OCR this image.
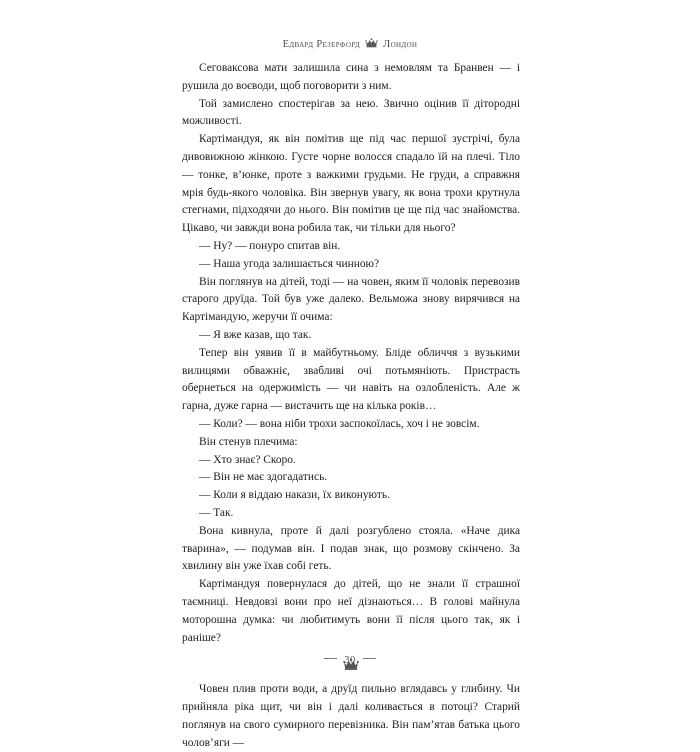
Едвард Резерфорд Лондон

Сеговаксова мати залишила сина з немовлям та Бранвен — і рушила до воєводи, щоб поговорити з ним.

Той замислено спостерігав за нею. Звично оцінив її дітородні можливості.

Картімандуя, як він помітив ще під час першої зустрічі, була дивовижною жінкою. Густе чорне волосся спадало їй на плечі. Тіло — тонке, в’юнке, проте з важкими грудьми. Не груди, а справжня мрія будь-якого чоловіка. Він звернув увагу, як вона трохи крутнула стегнами, підходячи до нього. Він помітив це ще під час знайомства. Цікаво, чи завжди вона робила так, чи тільки для нього?

— Ну? — понуро спитав він.

— Наша угода залишається чинною?

Він поглянув на дітей, тоді — на човен, яким її чоловік перевозив старого друїда. Той був уже далеко. Вельможа знову вирячився на Картімандую, жеручи її очима:

— Я вже казав, що так.

Тепер він уявив її в майбутньому. Бліде обличчя з вузькими вилицями обважніє, звабливі очі потьмяніють. Пристрасть обернеться на одержимість — чи навіть на озлобленість. Але ж гарна, дуже гарна — вистачить ще на кілька років…

— Коли? — вона ніби трохи заспокоїлась, хоч і не зовсім.

Він стенув плечима:

— Хто знає? Скоро.

— Він не має здогадатись.

— Коли я віддаю накази, їх виконують.

— Так.

Вона кивнула, проте й далі розгублено стояла. «Наче дика тварина», — подумав він. І подав знак, що розмову скінчено. За хвилину він уже їхав собі геть.

Картімандуя повернулася до дітей, що не знали її страшної таємниці. Невдовзі вони про неї дізнаються… В голові майнула моторошна думка: чи любитимуть вони її після цього так, як і раніше?

Човен плив проти води, а друїд пильно вглядавсь у глибину. Чи прийняла ріка щит, чи він і далі коливається в потоці? Старий поглянув на свого сумирного перевізника. Він пам’ятав батька цього чолов’яги —

30
